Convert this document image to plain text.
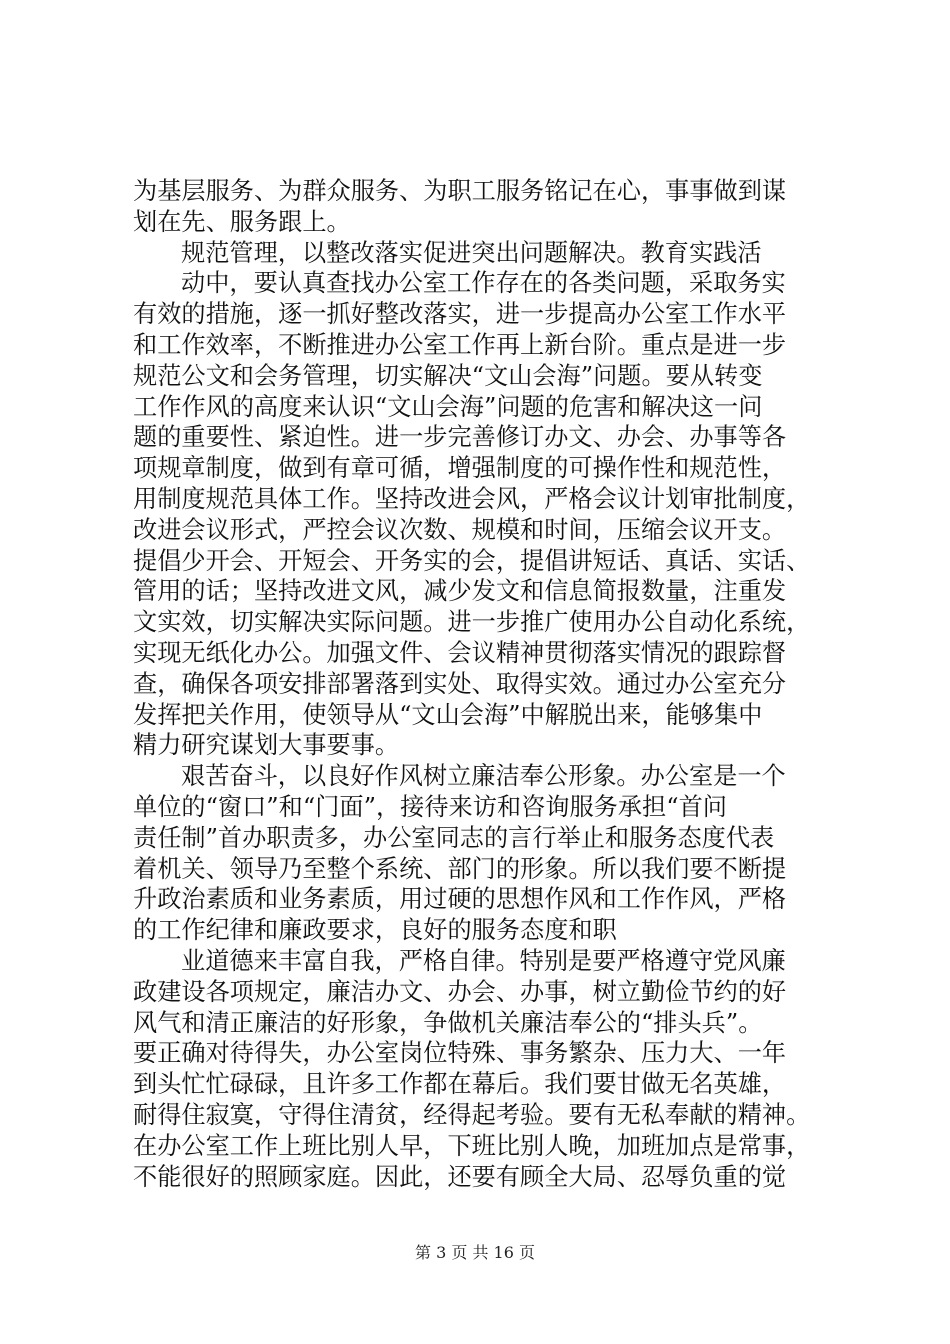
为基层服务、为群众服务、为职工服务铭记在心，事事做到谋
划在先、服务跟上。
规范管理，以整改落实促进突出问题解决。教育实践活
动中，要认真查找办公室工作存在的各类问题，采取务实
有效的措施，逐一抓好整改落实，进一步提高办公室工作水平
和工作效率，不断推进办公室工作再上新台阶。重点是进一步
规范公文和会务管理，切实解决“文山会海”问题。要从转变
工作作风的高度来认识“文山会海”问题的危害和解决这一问
题的重要性、紧迫性。进一步完善修订办文、办会、办事等各
项规章制度，做到有章可循，增强制度的可操作性和规范性，
用制度规范具体工作。坚持改进会风，严格会议计划审批制度，
改进会议形式，严控会议次数、规模和时间，压缩会议开支。
提倡少开会、开短会、开务实的会，提倡讲短话、真话、实话、
管用的话；坚持改进文风，减少发文和信息简报数量，注重发
文实效，切实解决实际问题。进一步推广使用办公自动化系统，
实现无纸化办公。加强文件、会议精神贯彻落实情况的跟踪督
查，确保各项安排部署落到实处、取得实效。通过办公室充分
发挥把关作用，使领导从“文山会海”中解脱出来，能够集中
精力研究谋划大事要事。
艰苦奋斗，以良好作风树立廉洁奉公形象。办公室是一个
单位的“窗口”和“门面”，接待来访和咨询服务承担“首问
责任制”首办职责多，办公室同志的言行举止和服务态度代表
着机关、领导乃至整个系统、部门的形象。所以我们要不断提
升政治素质和业务素质，用过硬的思想作风和工作作风，严格
的工作纪律和廉政要求，良好的服务态度和职
业道德来丰富自我，严格自律。特别是要严格遵守党风廉
政建设各项规定，廉洁办文、办会、办事，树立勤俭节约的好
风气和清正廉洁的好形象，争做机关廉洁奉公的“排头兵”。
要正确对待得失，办公室岗位特殊、事务繁杂、压力大、一年
到头忙忙碌碌，且许多工作都在幕后。我们要甘做无名英雄，
耐得住寂寞，守得住清贫，经得起考验。要有无私奉献的精神。
在办公室工作上班比别人早，下班比别人晚，加班加点是常事，
不能很好的照顾家庭。因此，还要有顾全大局、忍辱负重的觉
第 3 页 共 16 页
